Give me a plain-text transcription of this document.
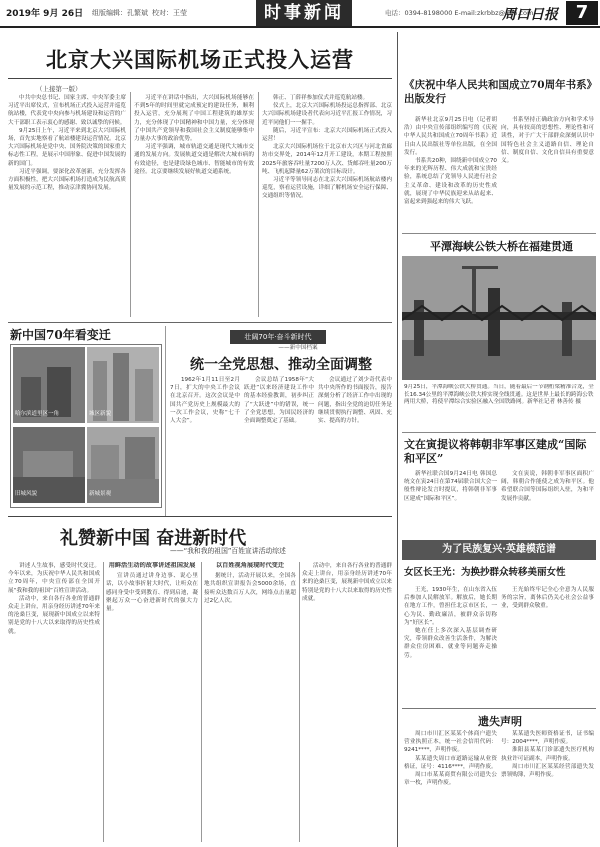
2019年 9月 26日 组版编辑：孔繁斌 校对：王莹	时事新闻	电话：0394-8198000 E-mail:zkrbbz@126.com
周口日报 7
北京大兴国际机场正式投入运营
（上接第一版）

中共中央总书记、国家主席、中央军委主席习近平出席仪式，宣布机场正式投入运营并巡览航站楼，代表党中央向参与机场建设和运营的广大干部职工表示衷心的感谢、致以诚挚的问候。

9月25日上午，习近平来到北京大兴国际机场，首先实地察看了航站楼建设运营情况。北京大兴国际机场是党中央、国务院决策的国家重大标志性工程，是展示中国形象、促进中国发展的新的国门。

习近平强调，要深化改革创新，充分发挥各方面积极性，把大兴国际机场打造成为民航高质量发展的示范工程，推动京津冀协同发展。

习近平在讲话中指出，大兴国际机场能够在不到5年的时间里就完成预定的建设任务，顺利投入运营，充分展现了中国工程建筑的雄厚实力，充分体现了中国精神和中国力量，充分体现了中国共产党领导和我国社会主义制度能够集中力量办大事的政治优势。

习近平强调，城市轨道交通是现代大城市交通的发展方向。发展轨道交通是解决大城市病的有效途径，也是建设绿色城市、智能城市的有效途径。北京要继续发展好轨道交通系统。

韩正、丁薛祥参加仪式并巡览航站楼。

仪式上，北京大兴国际机场投运总指挥部、北京大兴国际机场建设者代表向习近平汇报工作情况，习近平同他们一一握手。

随后，习近平宣布：北京大兴国际机场正式投入运营！

北京大兴国际机场位于北京市大兴区与河北省廊坊市交界处，2014年12月开工建设，本期工程按照2025年旅客吞吐量7200万人次、货邮吞吐量200万吨、飞机起降量62万架次的目标设计。

习近平等领导同志在北京大兴国际机场航站楼内巡览，察看运营设施，详细了解机场安全运行保障、交通组织等情况。

《庆祝中华人民共和国成立70周年书系》出版发行

新华社北京9月25日电（记者胡浩）由中央宣传部组织编写的《庆祝中华人民共和国成立70周年书系》近日由人民出版社等单位出版，在全国发行。

书系共20种，围绕新中国成立70年来的光辉历程、伟大成就和宝贵经验，系统总结了党领导人民进行社会主义革命、建设和改革的历史性成就，展现了中华民族迎来从站起来、富起来到强起来的伟大飞跃。

书系坚持正确政治方向和学术导向，具有较高的思想性、理论性和可读性，对于广大干部群众深刻认识中国特色社会主义道路自信、理论自信、制度自信、文化自信具有重要意义。

平潭海峡公铁大桥在福建贯通
9月25日，平潭海峡公铁大桥贯通。当日，随着最后一节钢桁梁精准合龙，全长16.34公里的平潭海峡公铁大桥实现全线贯通。这是世界上最长的跨海公铁两用大桥，将使平潭综合实验区融入全国铁路网。新华社记者 林善传 摄
文在寅提议将韩朝非军事区建成“国际和平区”

新华社联合国9月24日电 韩国总统文在寅24日在第74届联合国大会一般性辩论发言时提议，将韩朝非军事区建成“国际和平区”。

文在寅说，韩朝非军事区面积广阔，韩朝合作能使之成为和平区。他希望联合国等国际组织入驻，为和平发展作贡献。

为了民族复兴·英雄模范谱
女区长王光：为换抄群众转移美丽女性

王光，1930年生，在山东省入伍后参加人民解放军。解放后，她长期在地方工作，曾担任北京市区长，一心为民、勤政廉洁，被群众亲切称为“好区长”。

她在任上多次深入基层调查研究，带领群众改善生活条件，为解决群众住房困难、就业等问题奔走操劳。

王光始终牢记全心全意为人民服务的宗旨，离休后仍关心社会公益事业，受到群众敬重。

新中国70年看变迁
哈尔滨道里区一角	城区新貌
旧城风貌	新城景观
壮阔70年·奋斗新时代
——新中国档案
统一全党思想、推动全面调整

1962年1月11日至2月7日，扩大的中央工作会议在北京召开。这次会议是中国共产党历史上规模最大的一次工作会议，史称“七千人大会”。

会议总结了1958年“大跃进”以来经济建设工作中的基本经验教训，初步纠正了“大跃进”中的错误，统一了全党思想，为国民经济的全面调整奠定了基础。

会议通过了刘少奇代表中共中央所作的书面报告，报告深刻分析了经济工作中出现的问题，指出全党的迫切任务是继续贯彻执行调整、巩固、充实、提高的方针。

礼赞新中国 奋进新时代
——“我和我的祖国”百姓宣讲活动综述

讲述人生故事，感受时代变迁。今年以来，为庆祝中华人民共和国成立70周年，中央宣传部在全国开展“我和我的祖国”百姓宣讲活动。

活动中，来自各行各业的普通群众走上讲台，用亲身经历讲述70年来的沧桑巨变，展现新中国成立以来特别是党的十八大以来取得的历史性成就。

用鲜活生动的故事讲述祖国发展

宣讲员通过讲身边事、说心里话，以小故事折射大时代，让听众在感同身受中受到教育、得到启迪，凝聚起万众一心奋进新时代的强大力量。

以百姓视角展现时代变迁

据统计，活动开展以来，全国各地共组织宣讲报告会5000余场，直接听众达数百万人次，网络点击量超过2亿人次。

活动中，来自各行各业的普通群众走上讲台，用亲身经历讲述70年来的沧桑巨变，展现新中国成立以来特别是党的十八大以来取得的历史性成就。

遗失声明

周口市川汇区某某个体商户遗失营业执照正本，统一社会信用代码：9241****，声明作废。

某某遗失周口市道路运输从业资格证，证号：4116****，声明作废。

周口市某某商贸有限公司遗失公章一枚，声明作废。

某某遗失医师资格证书，证书编号：2004****，声明作废。

淮阳县某某门诊部遗失医疗机构执业许可证副本，声明作废。

周口市川汇区某某经营部遗失发票领购簿，声明作废。
